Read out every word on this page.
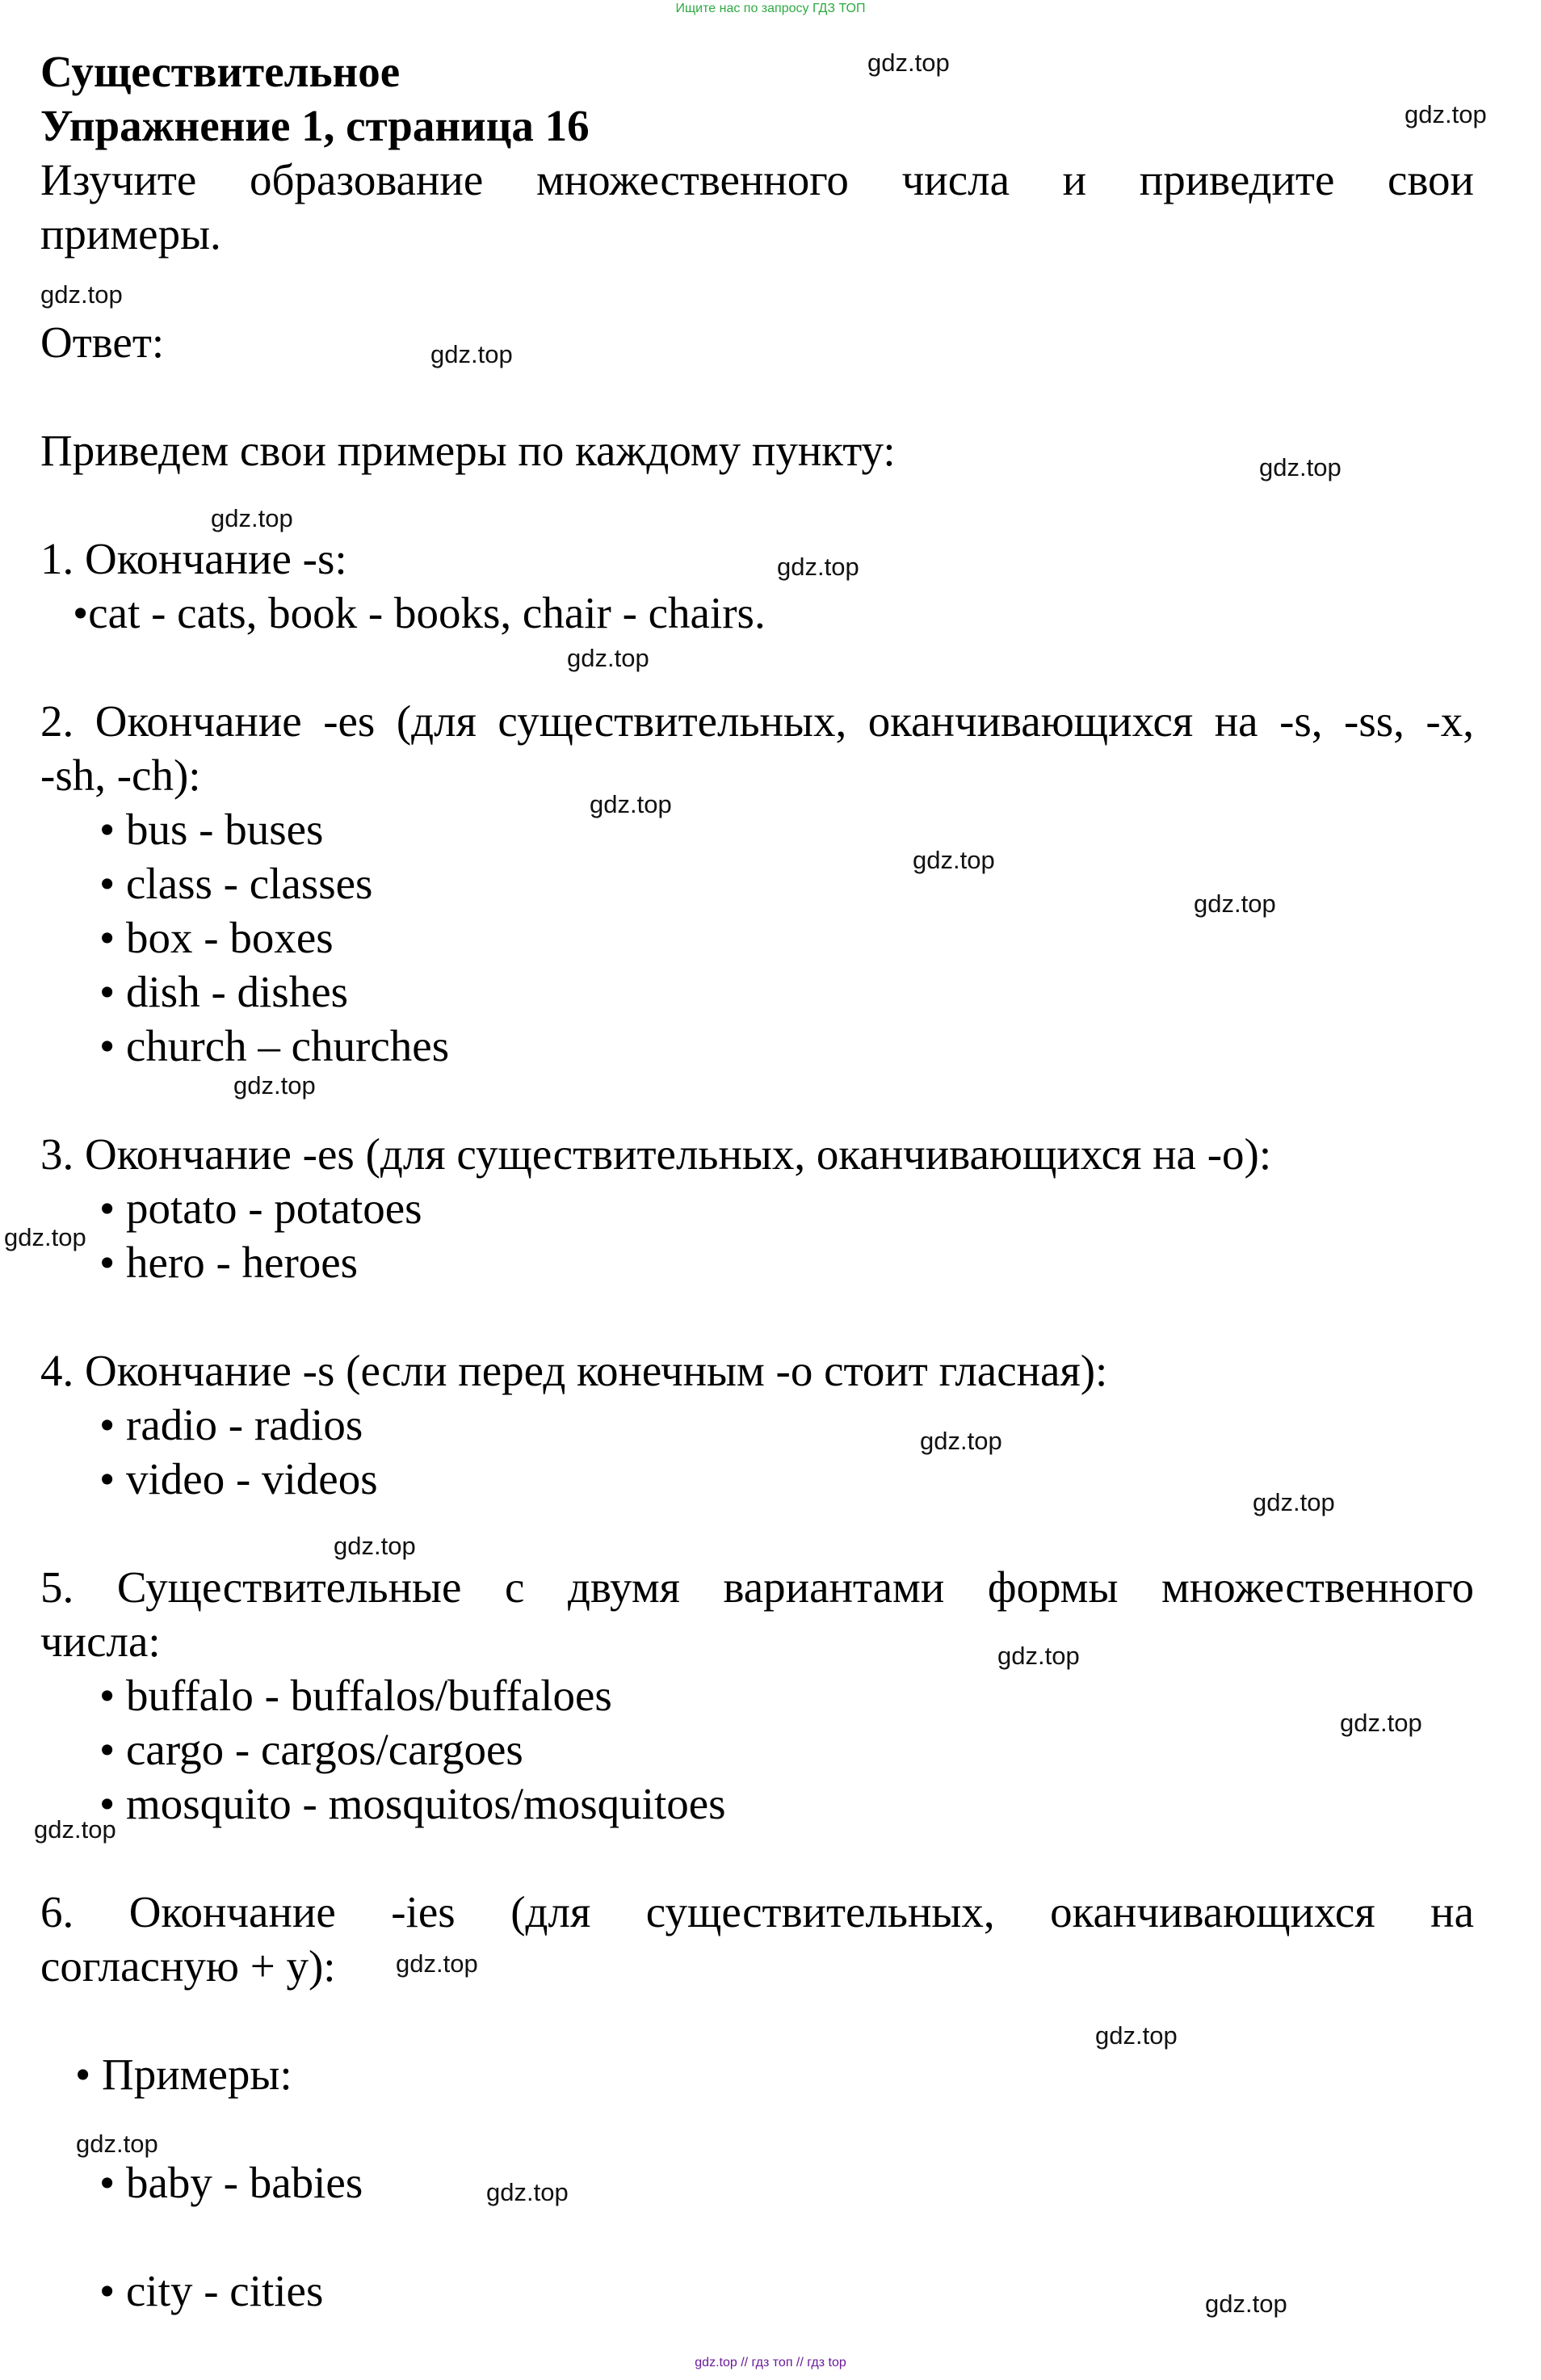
Ищите нас по запросу ГДЗ ТОП
Существительное
Упражнение 1, страница 16
Изучите образование множественного числа и приведите свои
примеры.
Ответ:
Приведем свои примеры по каждому пункту:
1. Окончание -s:
•cat - cats, book - books, chair - chairs.
2. Окончание -es (для существительных, оканчивающихся на -s, -ss, -x,
-sh, -ch):
• bus - buses
• class - classes
• box - boxes
• dish - dishes
• church – churches
3. Окончание -es (для существительных, оканчивающихся на -o):
• potato - potatoes
• hero - heroes
4. Окончание -s (если перед конечным -o стоит гласная):
• radio - radios
• video - videos
5. Существительные с двумя вариантами формы множественного
числа:
• buffalo - buffalos/buffaloes
• cargo - cargos/cargoes
• mosquito - mosquitos/mosquitoes
6. Окончание -ies (для существительных, оканчивающихся на
согласную + y):
• Примеры:
• baby - babies
• city - cities
gdz.top
gdz.top
gdz.top
gdz.top
gdz.top
gdz.top
gdz.top
gdz.top
gdz.top
gdz.top
gdz.top
gdz.top
gdz.top
gdz.top
gdz.top
gdz.top
gdz.top
gdz.top
gdz.top
gdz.top
gdz.top
gdz.top
gdz.top
gdz.top
gdz.top // гдз топ // гдз top
